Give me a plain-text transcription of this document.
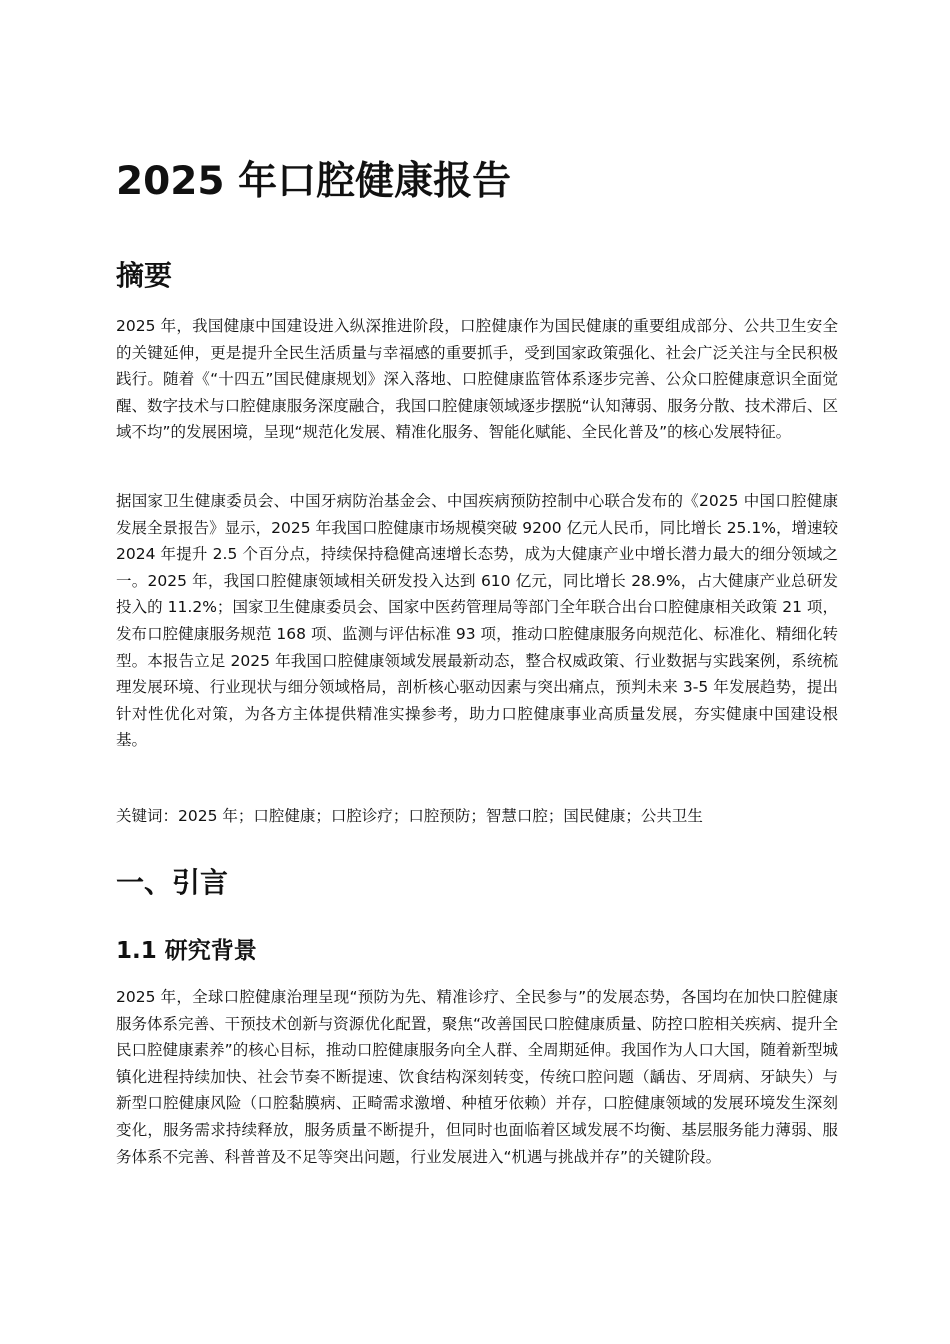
2025 年口腔健康报告
摘要

2025 年，我国健康中国建设进入纵深推进阶段，口腔健康作为国民健康的重要组成部分、公共卫生安全的关键延伸，更是提升全民生活质量与幸福感的重要抓手，受到国家政策强化、社会广泛关注与全民积极践行。随着《“十四五”国民健康规划》深入落地、口腔健康监管体系逐步完善、公众口腔健康意识全面觉醒、数字技术与口腔健康服务深度融合，我国口腔健康领域逐步摆脱“认知薄弱、服务分散、技术滞后、区域不均”的发展困境，呈现“规范化发展、精准化服务、智能化赋能、全民化普及”的核心发展特征。

据国家卫生健康委员会、中国牙病防治基金会、中国疾病预防控制中心联合发布的《2025 中国口腔健康发展全景报告》显示，2025 年我国口腔健康市场规模突破 9200 亿元人民币，同比增长 25.1%，增速较 2024 年提升 2.5 个百分点，持续保持稳健高速增长态势，成为大健康产业中增长潜力最大的细分领域之一。2025 年，我国口腔健康领域相关研发投入达到 610 亿元，同比增长 28.9%，占大健康产业总研发投入的 11.2%；国家卫生健康委员会、国家中医药管理局等部门全年联合出台口腔健康相关政策 21 项，发布口腔健康服务规范 168 项、监测与评估标准 93 项，推动口腔健康服务向规范化、标准化、精细化转型。本报告立足 2025 年我国口腔健康领域发展最新动态，整合权威政策、行业数据与实践案例，系统梳理发展环境、行业现状与细分领域格局，剖析核心驱动因素与突出痛点，预判未来 3-5 年发展趋势，提出针对性优化对策，为各方主体提供精准实操参考，助力口腔健康事业高质量发展，夯实健康中国建设根基。

关键词：2025 年；口腔健康；口腔诊疗；口腔预防；智慧口腔；国民健康；公共卫生

一、引言
1.1 研究背景

2025 年，全球口腔健康治理呈现“预防为先、精准诊疗、全民参与”的发展态势，各国均在加快口腔健康服务体系完善、干预技术创新与资源优化配置，聚焦“改善国民口腔健康质量、防控口腔相关疾病、提升全民口腔健康素养”的核心目标，推动口腔健康服务向全人群、全周期延伸。我国作为人口大国，随着新型城镇化进程持续加快、社会节奏不断提速、饮食结构深刻转变，传统口腔问题（龋齿、牙周病、牙缺失）与新型口腔健康风险（口腔黏膜病、正畸需求激增、种植牙依赖）并存，口腔健康领域的发展环境发生深刻变化，服务需求持续释放，服务质量不断提升，但同时也面临着区域发展不均衡、基层服务能力薄弱、服务体系不完善、科普普及不足等突出问题，行业发展进入“机遇与挑战并存”的关键阶段。
